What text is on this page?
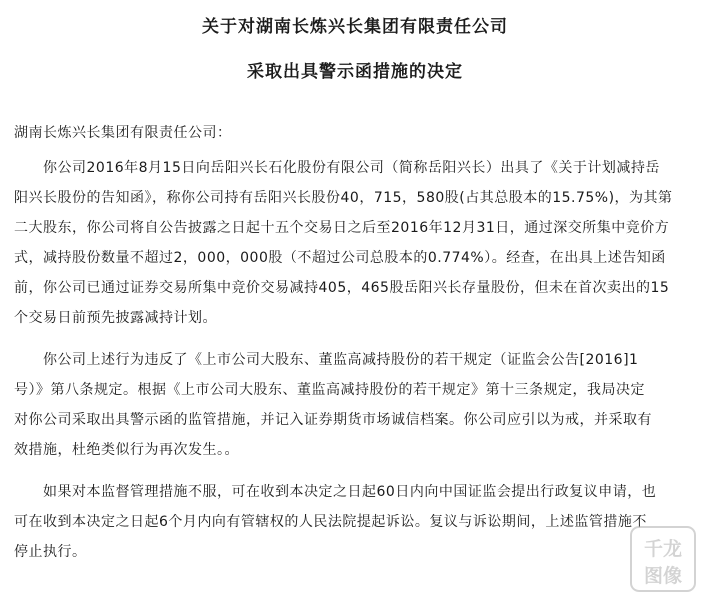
关于对湖南长炼兴长集团有限责任公司
采取出具警示函措施的决定
湖南长炼兴长集团有限责任公司：
　　你公司2016年8月15日向岳阳兴长石化股份有限公司（简称岳阳兴长）出具了《关于计划减持岳
阳兴长股份的告知函》，称你公司持有岳阳兴长股份40，715，580股(占其总股本的15.75%)，为其第
二大股东，你公司将自公告披露之日起十五个交易日之后至2016年12月31日，通过深交所集中竞价方
式，减持股份数量不超过2，000，000股（不超过公司总股本的0.774%）。经查，在出具上述告知函
前，你公司已通过证券交易所集中竞价交易减持405，465股岳阳兴长存量股份，但未在首次卖出的15
个交易日前预先披露减持计划。
　　你公司上述行为违反了《上市公司大股东、董监高减持股份的若干规定（证监会公告[2016]1
号）》第八条规定。根据《上市公司大股东、董监高减持股份的若干规定》第十三条规定，我局决定
对你公司采取出具警示函的监管措施，并记入证券期货市场诚信档案。你公司应引以为戒，并采取有
效措施，杜绝类似行为再次发生。。
　　如果对本监督管理措施不服，可在收到本决定之日起60日内向中国证监会提出行政复议申请，也
可在收到本决定之日起6个月内向有管辖权的人民法院提起诉讼。复议与诉讼期间，上述监管措施不
停止执行。	千龙
图像
